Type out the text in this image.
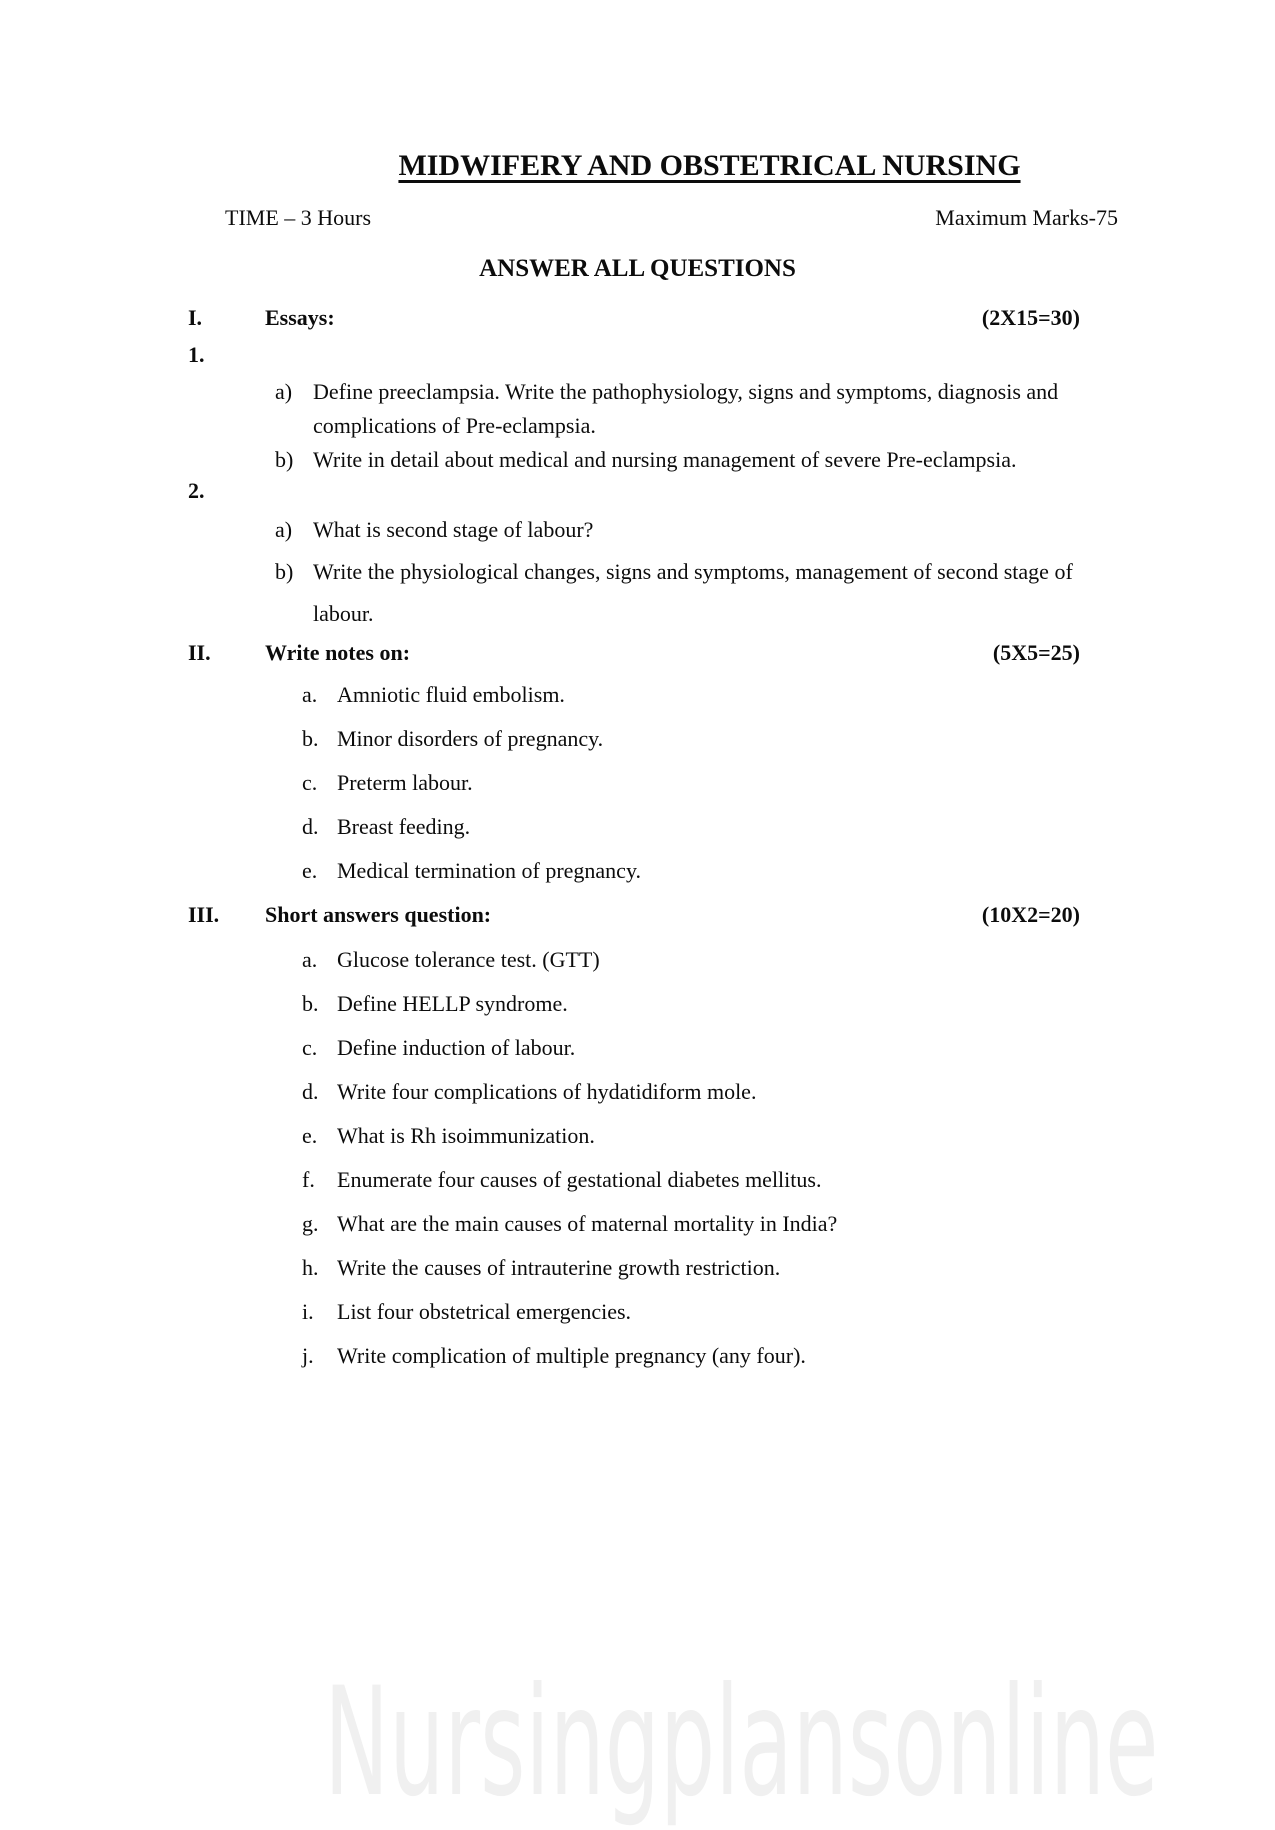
MIDWIFERY AND OBSTETRICAL NURSING
TIME – 3 Hours	Maximum Marks-75
ANSWER ALL QUESTIONS
I.	Essays:	(2X15=30)
1.
a) Define preeclampsia. Write the pathophysiology, signs and symptoms, diagnosis and complications of Pre-eclampsia.
b) Write in detail about medical and nursing management of severe Pre-eclampsia.
2.
a) What is second stage of labour?
b) Write the physiological changes, signs and symptoms, management of second stage of labour.
II. Write notes on:	(5X5=25)
a. Amniotic fluid embolism.
b. Minor disorders of pregnancy.
c. Preterm labour.
d. Breast feeding.
e. Medical termination of pregnancy.
III. Short answers question:	(10X2=20)
a. Glucose tolerance test. (GTT)
b. Define HELLP syndrome.
c. Define induction of labour.
d. Write four complications of hydatidiform mole.
e. What is Rh isoimmunization.
f.	Enumerate four causes of gestational diabetes mellitus.
g. What are the main causes of maternal mortality in India?
h. Write the causes of intrauterine growth restriction.
i.	List four obstetrical emergencies.
j.	Write complication of multiple pregnancy (any four).
Nursingplansonline
